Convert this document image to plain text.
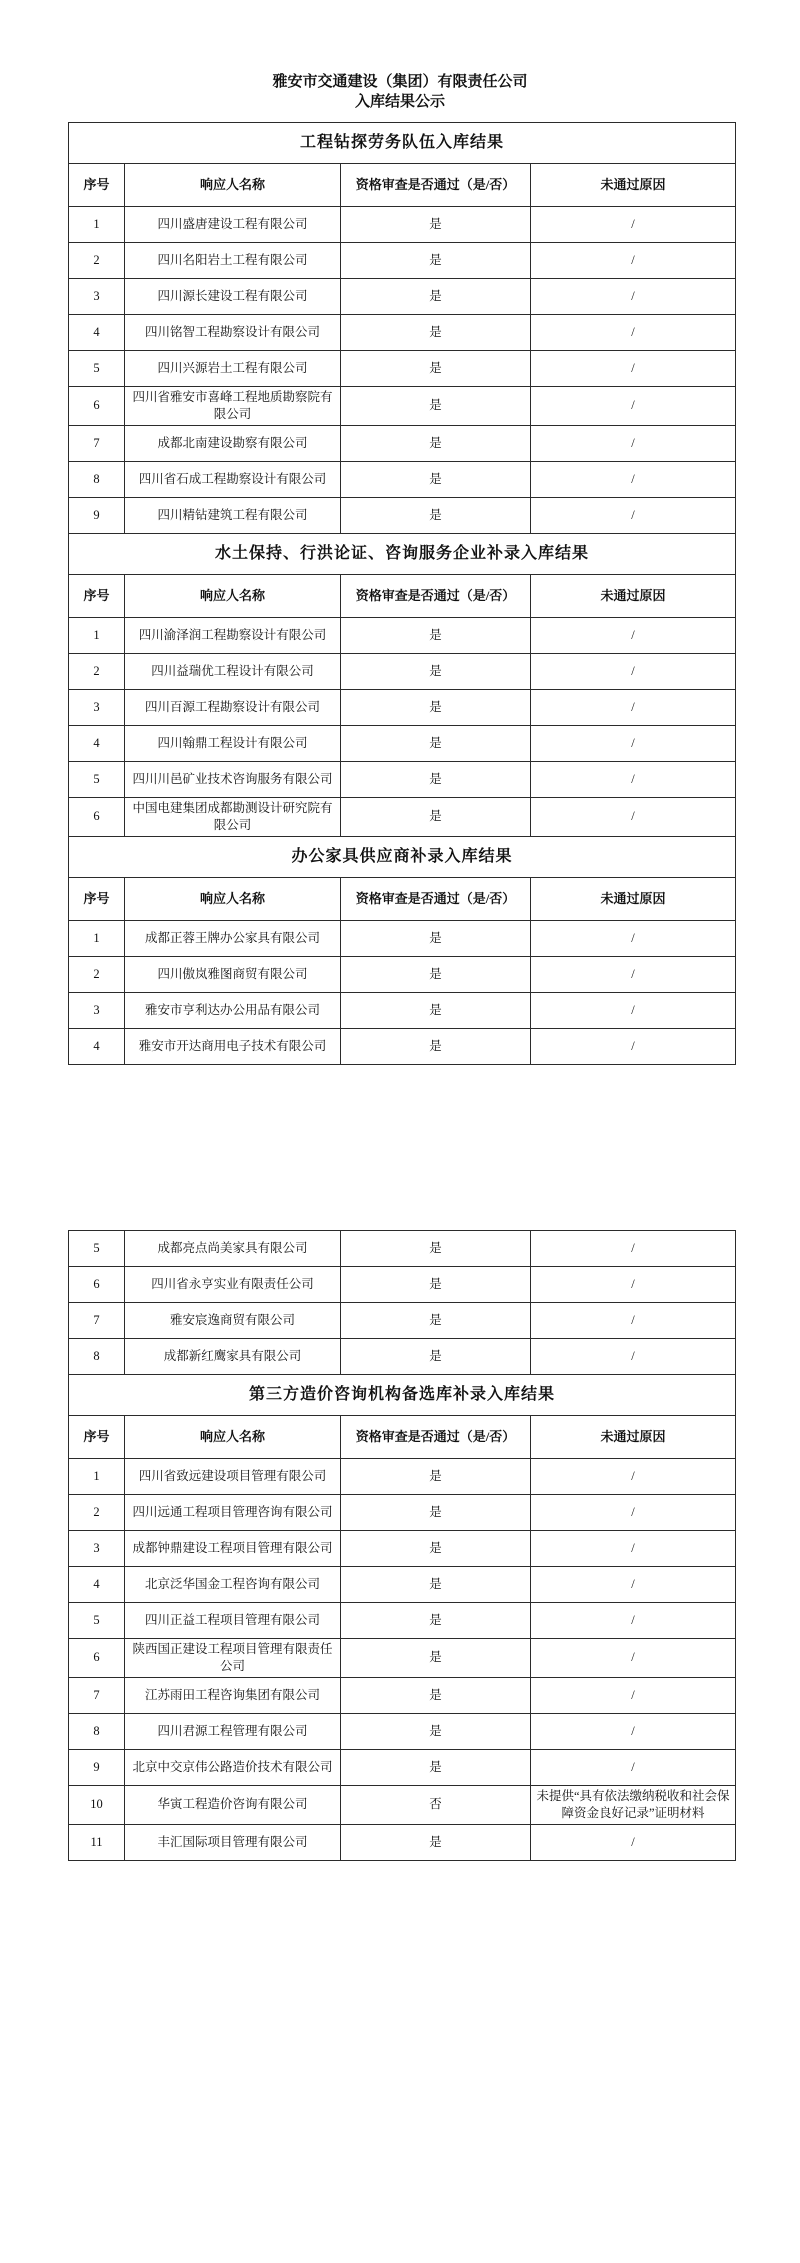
雅安市交通建设（集团）有限责任公司
入库结果公示
工程钻探劳务队伍入库结果			
序号	响应人名称	资格审查是否通过（是/否）	未通过原因
1	四川盛唐建设工程有限公司	是	/
2	四川名阳岩土工程有限公司	是	/
3	四川源长建设工程有限公司	是	/
4	四川铭智工程勘察设计有限公司	是	/
5	四川兴源岩土工程有限公司	是	/
6	四川省雅安市喜峰工程地质勘察院有限公司	是	/
7	成都北南建设勘察有限公司	是	/
8	四川省石成工程勘察设计有限公司	是	/
9	四川精钻建筑工程有限公司	是	/
水土保持、行洪论证、咨询服务企业补录入库结果			
序号	响应人名称	资格审查是否通过（是/否）	未通过原因
1	四川渝泽润工程勘察设计有限公司	是	/
2	四川益瑞优工程设计有限公司	是	/
3	四川百源工程勘察设计有限公司	是	/
4	四川翰鼎工程设计有限公司	是	/
5	四川川邑矿业技术咨询服务有限公司	是	/
6	中国电建集团成都勘测设计研究院有限公司	是	/
办公家具供应商补录入库结果			
序号	响应人名称	资格审查是否通过（是/否）	未通过原因
1	成都正蓉王牌办公家具有限公司	是	/
2	四川傲岚雅图商贸有限公司	是	/
3	雅安市亨利达办公用品有限公司	是	/
4	雅安市开达商用电子技术有限公司	是	/
5	成都亮点尚美家具有限公司	是	/
6	四川省永亨实业有限责任公司	是	/
7	雅安宸逸商贸有限公司	是	/
8	成都新红鹰家具有限公司	是	/
第三方造价咨询机构备选库补录入库结果			
序号	响应人名称	资格审查是否通过（是/否）	未通过原因
1	四川省致远建设项目管理有限公司	是	/
2	四川远通工程项目管理咨询有限公司	是	/
3	成都钟鼎建设工程项目管理有限公司	是	/
4	北京泛华国金工程咨询有限公司	是	/
5	四川正益工程项目管理有限公司	是	/
6	陕西国正建设工程项目管理有限责任公司	是	/
7	江苏雨田工程咨询集团有限公司	是	/
8	四川君源工程管理有限公司	是	/
9	北京中交京伟公路造价技术有限公司	是	/
10	华寅工程造价咨询有限公司	否	未提供“具有依法缴纳税收和社会保障资金良好记录”证明材料
11	丰汇国际项目管理有限公司	是	/
